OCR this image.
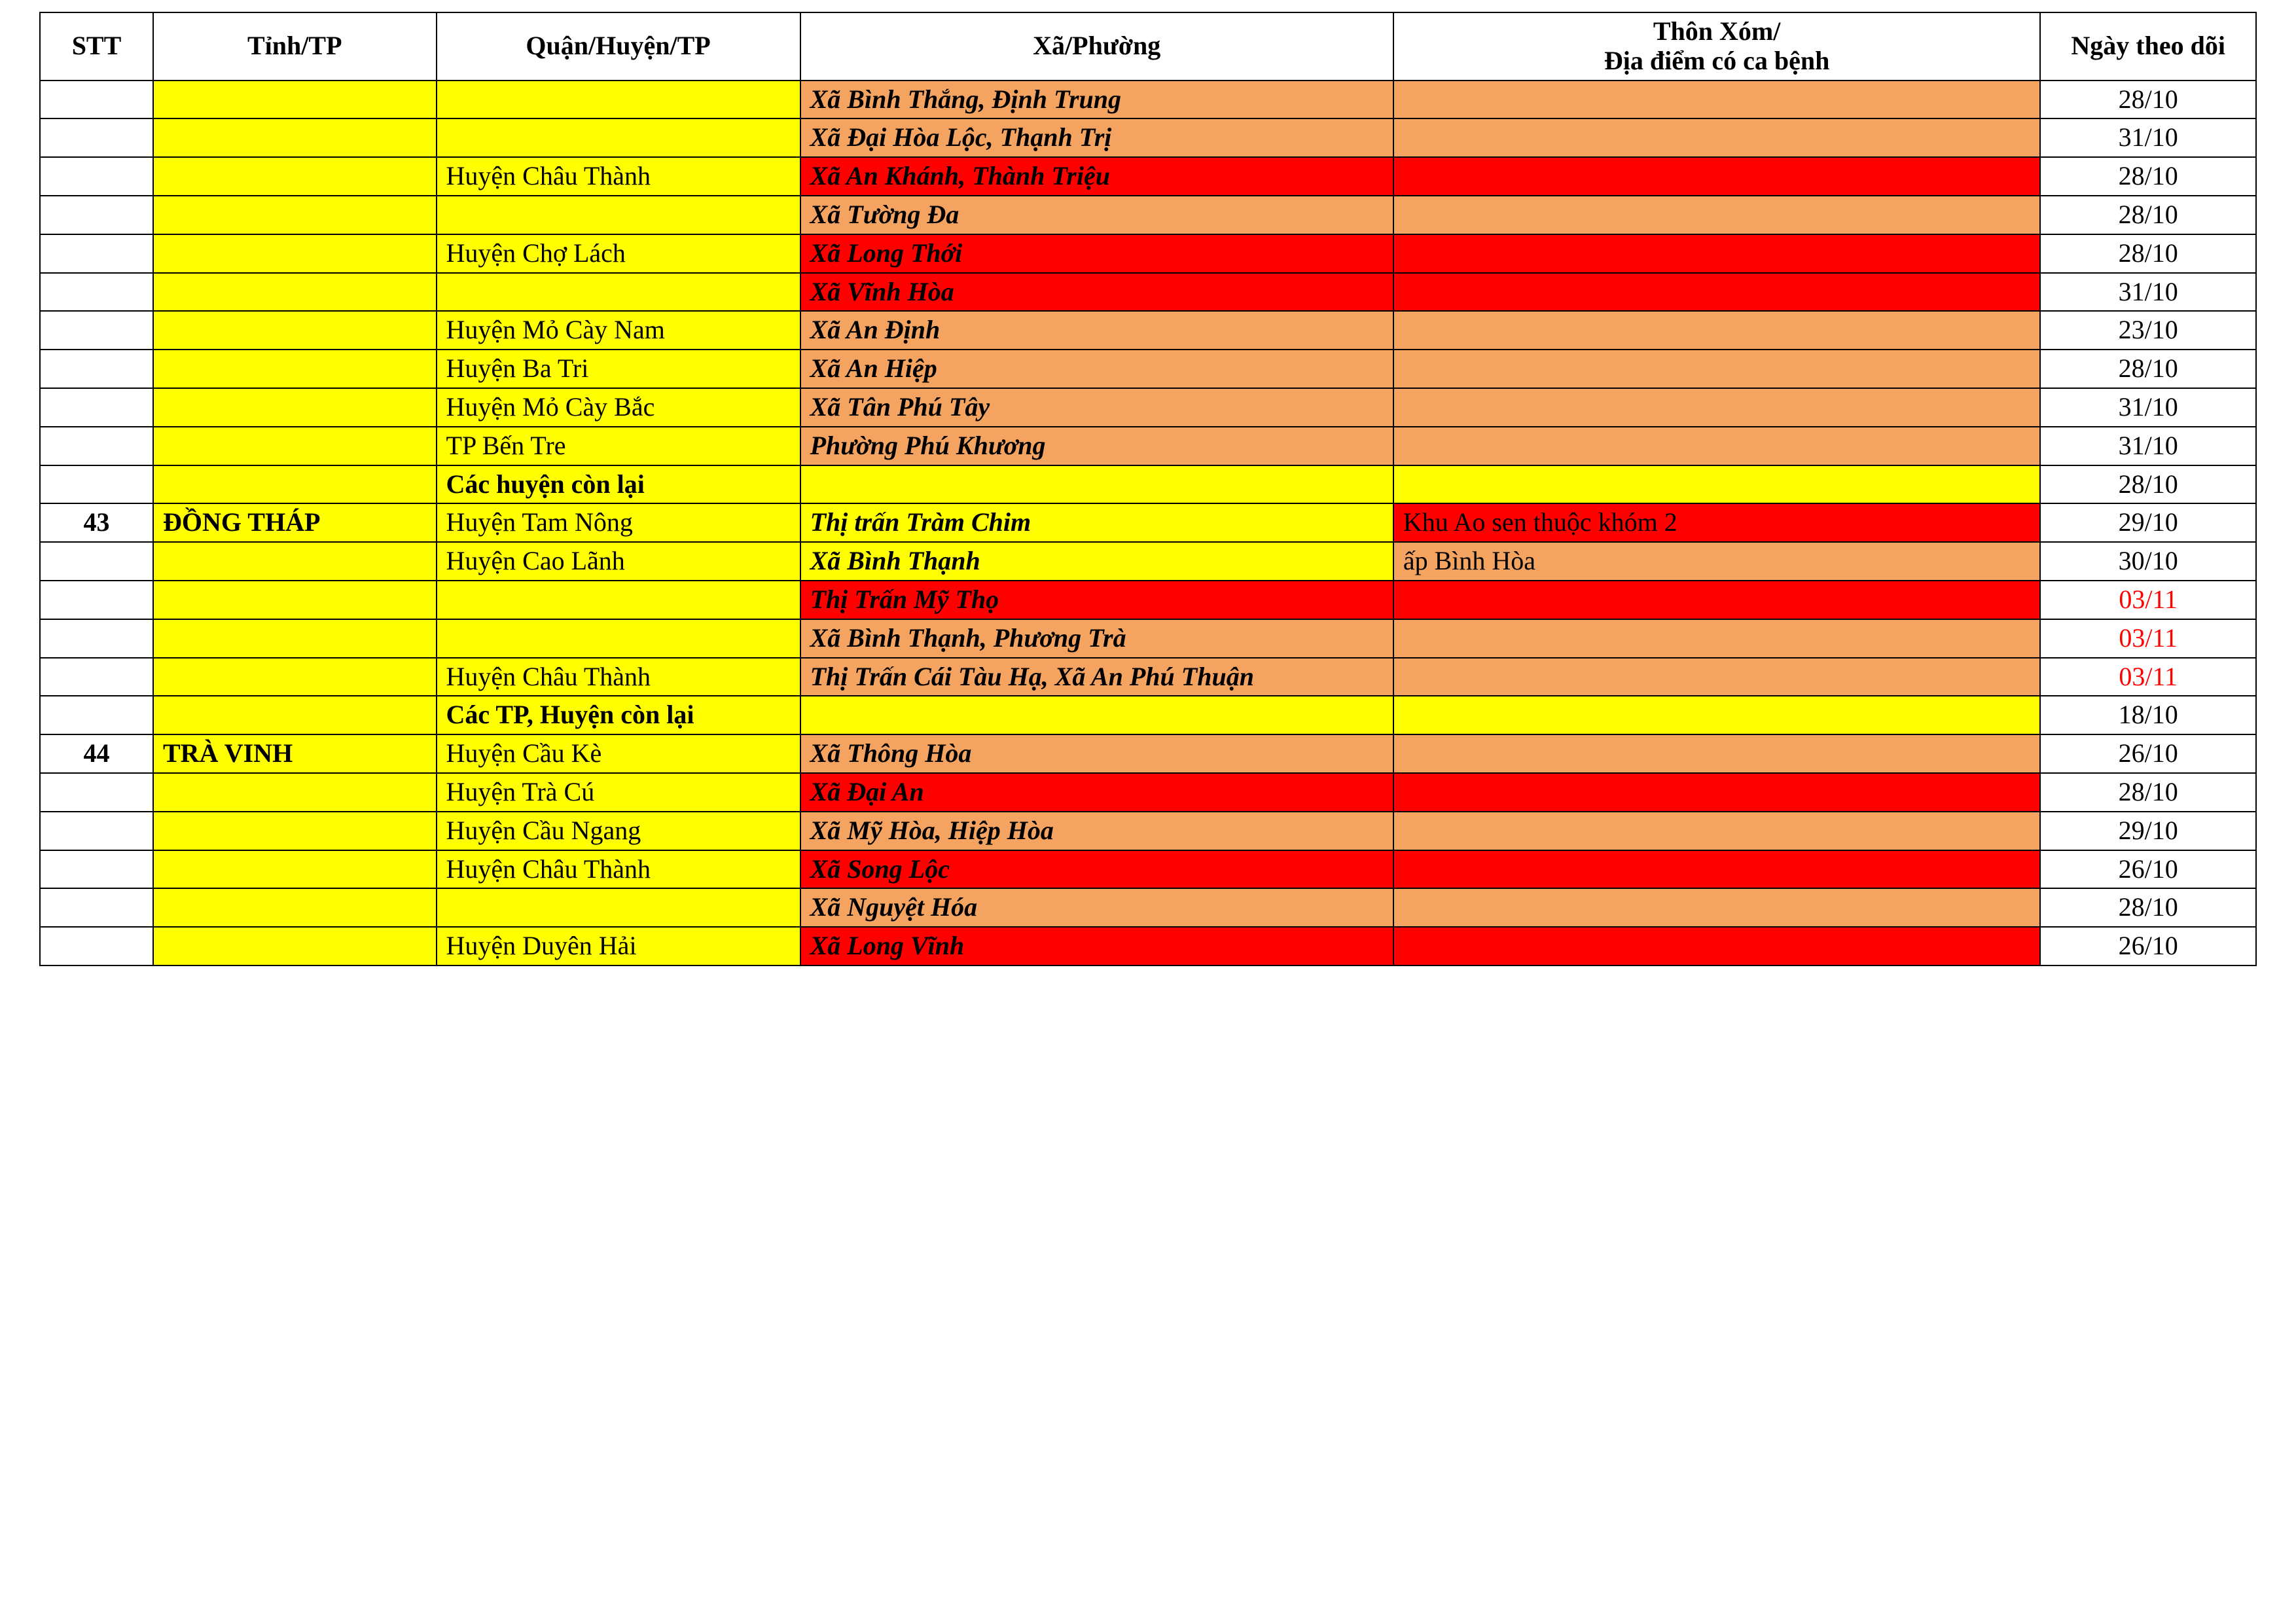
STT	Tỉnh/TP	Quận/Huyện/TP	Xã/Phường	Thôn Xóm/
Địa điểm có ca bệnh	Ngày theo dõi
			Xã Bình Thắng, Định Trung		28/10
			Xã Đại Hòa Lộc, Thạnh Trị		31/10
		Huyện Châu Thành	Xã An Khánh, Thành Triệu		28/10
			Xã Tường Đa		28/10
		Huyện Chợ Lách	Xã Long Thới		28/10
			Xã Vĩnh Hòa		31/10
		Huyện Mỏ Cày Nam	Xã An Định		23/10
		Huyện Ba Tri	Xã An Hiệp		28/10
		Huyện Mỏ Cày Bắc	Xã Tân Phú Tây		31/10
		TP Bến Tre	Phường Phú Khương		31/10
		Các huyện còn lại			28/10
43	ĐỒNG THÁP	Huyện Tam Nông	Thị trấn Tràm Chim	Khu Ao sen thuộc khóm 2	29/10
		Huyện Cao Lãnh	Xã Bình Thạnh	ấp Bình Hòa	30/10
			Thị Trấn Mỹ Thọ		03/11
			Xã Bình Thạnh, Phương Trà		03/11
		Huyện Châu Thành	Thị Trấn Cái Tàu Hạ, Xã An Phú Thuận		03/11
		Các TP, Huyện còn lại			18/10
44	TRÀ VINH	Huyện Cầu Kè	Xã Thông Hòa		26/10
		Huyện Trà Cú	Xã Đại An		28/10
		Huyện Cầu Ngang	Xã Mỹ Hòa, Hiệp Hòa		29/10
		Huyện Châu Thành	Xã Song Lộc		26/10
			Xã Nguyệt Hóa		28/10
		Huyện Duyên Hải	Xã Long Vĩnh		26/10
